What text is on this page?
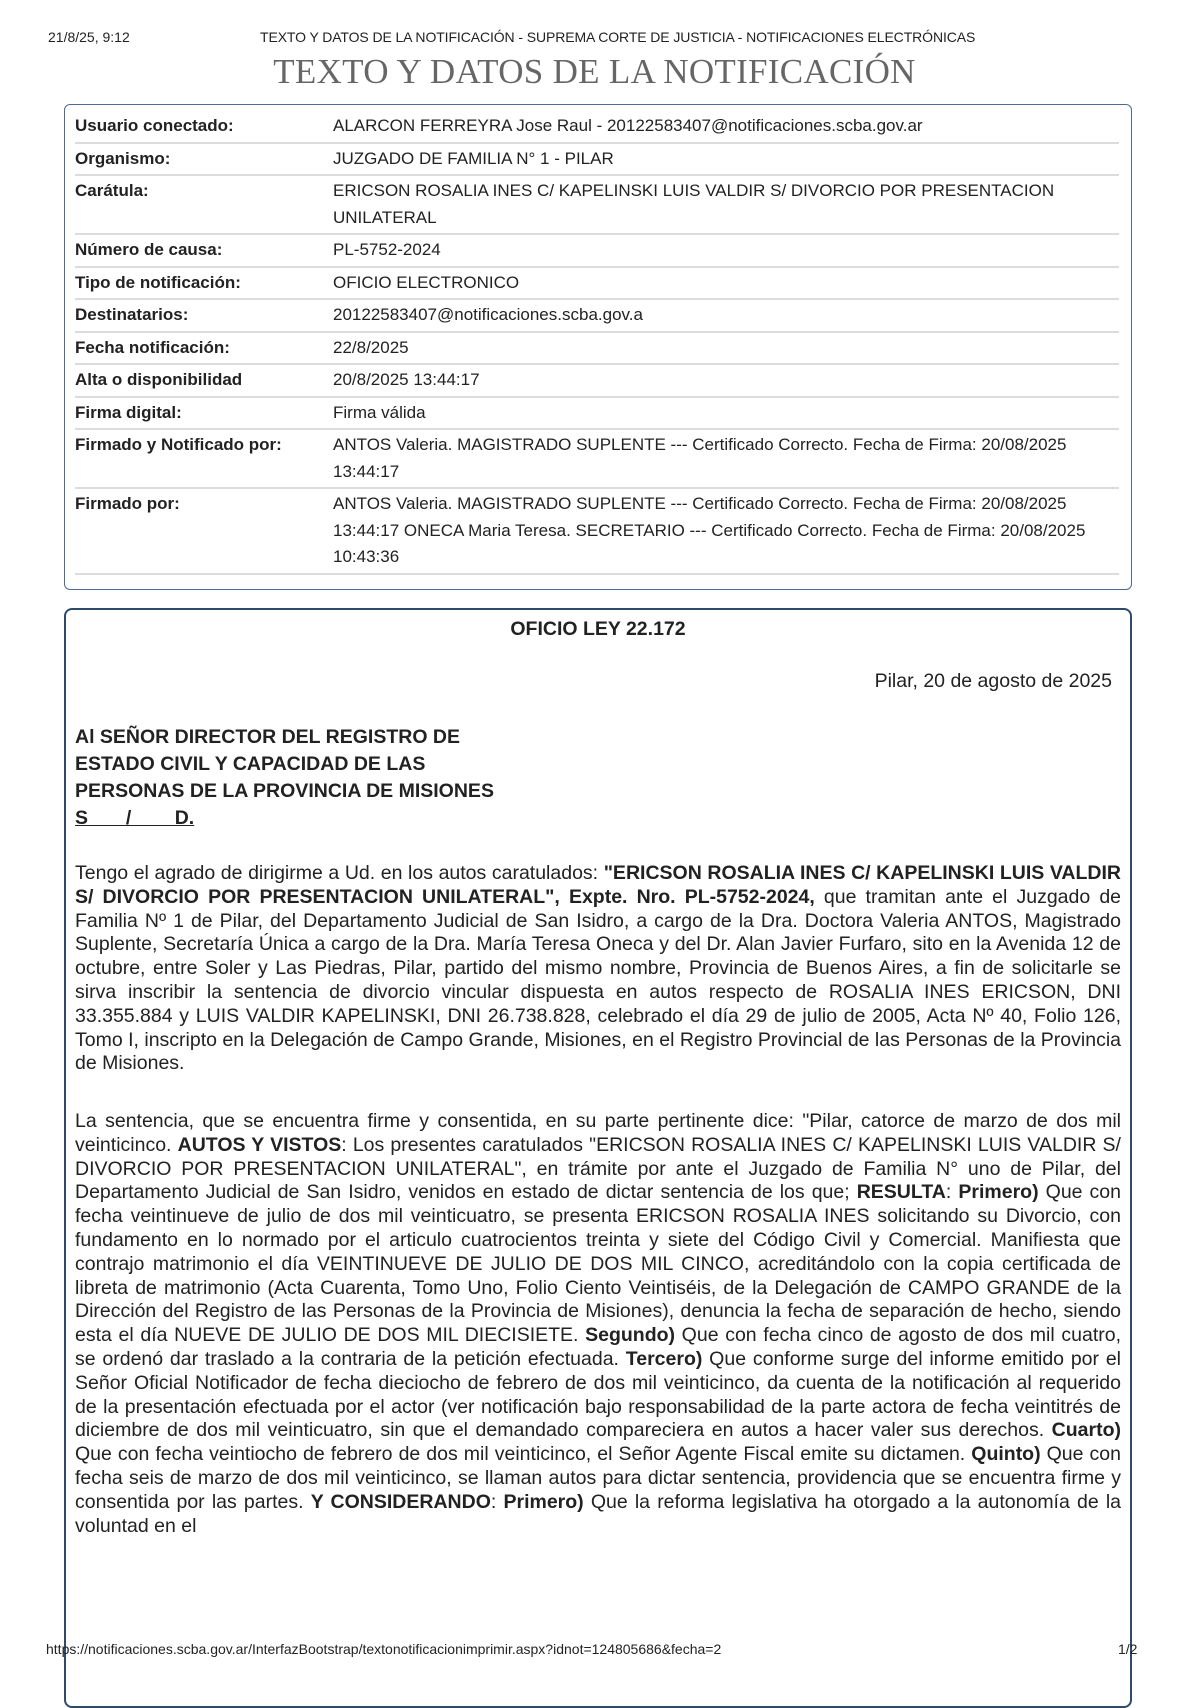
21/8/25, 9:12	TEXTO Y DATOS DE LA NOTIFICACIÓN - SUPREMA CORTE DE JUSTICIA - NOTIFICACIONES ELECTRÓNICAS
TEXTO Y DATOS DE LA NOTIFICACIÓN
Usuario conectado:	ALARCON FERREYRA Jose Raul - 20122583407@notificaciones.scba.gov.ar
Organismo:	JUZGADO DE FAMILIA N° 1 - PILAR
Carátula:	ERICSON ROSALIA INES C/ KAPELINSKI LUIS VALDIR S/ DIVORCIO POR PRESENTACION UNILATERAL
Número de causa:	PL-5752-2024
Tipo de notificación:	OFICIO ELECTRONICO
Destinatarios:	20122583407@notificaciones.scba.gov.a
Fecha notificación:	22/8/2025
Alta o disponibilidad	20/8/2025 13:44:17
Firma digital:	Firma válida
Firmado y Notificado por:	ANTOS Valeria. MAGISTRADO SUPLENTE --- Certificado Correcto. Fecha de Firma: 20/08/2025 13:44:17
Firmado por:	ANTOS Valeria. MAGISTRADO SUPLENTE --- Certificado Correcto. Fecha de Firma: 20/08/2025 13:44:17 ONECA Maria Teresa. SECRETARIO --- Certificado Correcto. Fecha de Firma: 20/08/2025 10:43:36
OFICIO LEY 22.172
Pilar, 20 de agosto de 2025
Al SEÑOR DIRECTOR DEL REGISTRO DE
ESTADO CIVIL Y CAPACIDAD DE LAS
PERSONAS DE LA PROVINCIA DE MISIONES
S       /        D.
Tengo el agrado de dirigirme a Ud. en los autos caratulados: "ERICSON ROSALIA INES C/ KAPELINSKI LUIS VALDIR S/ DIVORCIO POR PRESENTACION UNILATERAL", Expte. Nro. PL-5752-2024, que tramitan ante el Juzgado de Familia Nº 1 de Pilar, del Departamento Judicial de San Isidro, a cargo de la Dra. Doctora Valeria ANTOS, Magistrado Suplente, Secretaría Única a cargo de la Dra. María Teresa Oneca y del Dr. Alan Javier Furfaro, sito en la Avenida 12 de octubre, entre Soler y Las Piedras, Pilar, partido del mismo nombre, Provincia de Buenos Aires, a fin de solicitarle se sirva inscribir la sentencia de divorcio vincular dispuesta en autos respecto de ROSALIA INES ERICSON, DNI 33.355.884 y LUIS VALDIR KAPELINSKI, DNI 26.738.828, celebrado el día 29 de julio de 2005, Acta Nº 40, Folio 126, Tomo I, inscripto en la Delegación de Campo Grande, Misiones, en el Registro Provincial de las Personas de la Provincia de Misiones.
La sentencia, que se encuentra firme y consentida, en su parte pertinente dice: "Pilar, catorce de marzo de dos mil veinticinco. AUTOS Y VISTOS: Los presentes caratulados "ERICSON ROSALIA INES C/ KAPELINSKI LUIS VALDIR S/ DIVORCIO POR PRESENTACION UNILATERAL", en trámite por ante el Juzgado de Familia N° uno de Pilar, del Departamento Judicial de San Isidro, venidos en estado de dictar sentencia de los que; RESULTA: Primero) Que con fecha veintinueve de julio de dos mil veinticuatro, se presenta ERICSON ROSALIA INES solicitando su Divorcio, con fundamento en lo normado por el articulo cuatrocientos treinta y siete del Código Civil y Comercial. Manifiesta que contrajo matrimonio el día VEINTINUEVE DE JULIO DE DOS MIL CINCO, acreditándolo con la copia certificada de libreta de matrimonio (Acta Cuarenta, Tomo Uno, Folio Ciento Veintiséis, de la Delegación de CAMPO GRANDE de la Dirección del Registro de las Personas de la Provincia de Misiones), denuncia la fecha de separación de hecho, siendo esta el día NUEVE DE JULIO DE DOS MIL DIECISIETE. Segundo) Que con fecha cinco de agosto de dos mil cuatro, se ordenó dar traslado a la contraria de la petición efectuada. Tercero) Que conforme surge del informe emitido por el Señor Oficial Notificador de fecha dieciocho de febrero de dos mil veinticinco, da cuenta de la notificación al requerido de la presentación efectuada por el actor (ver notificación bajo responsabilidad de la parte actora de fecha veintitrés de diciembre de dos mil veinticuatro, sin que el demandado compareciera en autos a hacer valer sus derechos. Cuarto) Que con fecha veintiocho de febrero de dos mil veinticinco, el Señor Agente Fiscal emite su dictamen. Quinto) Que con fecha seis de marzo de dos mil veinticinco, se llaman autos para dictar sentencia, providencia que se encuentra firme y consentida por las partes. Y CONSIDERANDO: Primero) Que la reforma legislativa ha otorgado a la autonomía de la voluntad en el
https://notificaciones.scba.gov.ar/InterfazBootstrap/textonotificacionimprimir.aspx?idnot=124805686&fecha=2	1/2
